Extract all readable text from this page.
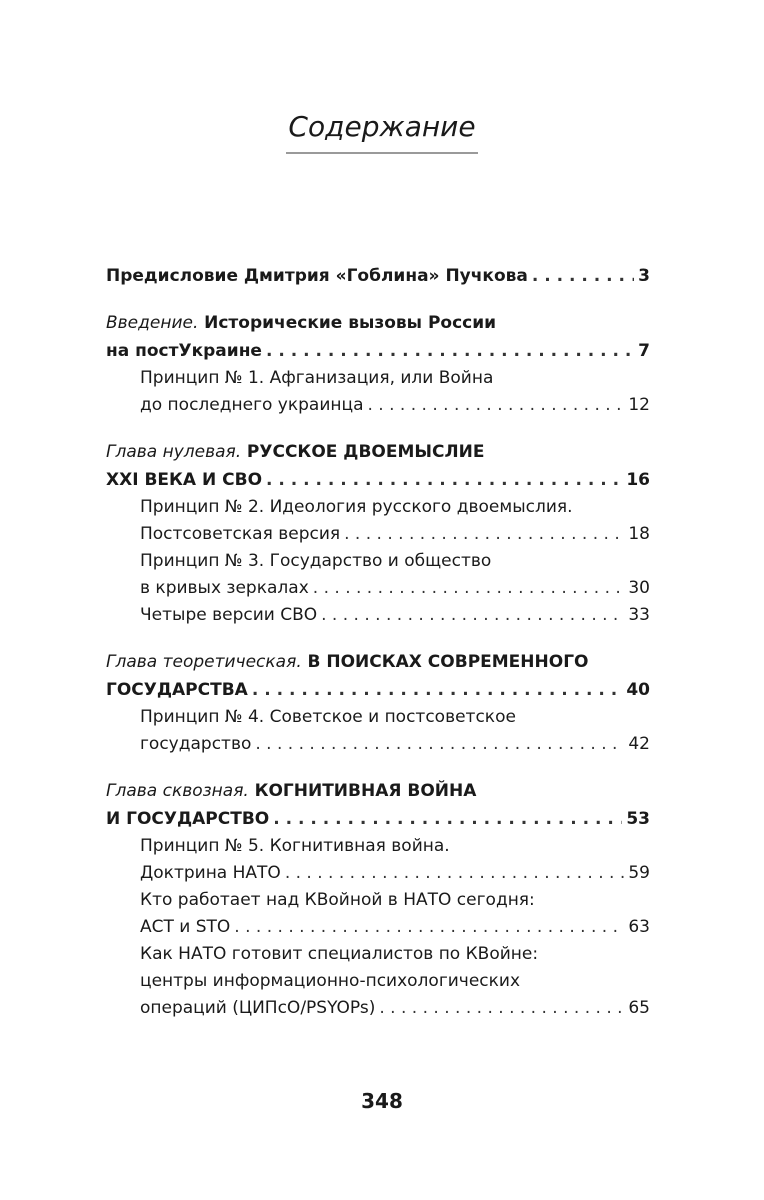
Содержание
Предисловие Дмитрия «Гоблина» Пучкова . . .	3
Введение. Исторические вызовы России
на постУкраине . . .	7
Принцип № 1. Афганизация, или Война
до последнего украинца . . .	12
Глава нулевая. РУССКОЕ ДВОЕМЫСЛИЕ
XXI ВЕКА И СВО . . .	16
Принцип № 2. Идеология русского двоемыслия.
Постсоветская версия . . .	18
Принцип № 3. Государство и общество
в кривых зеркалах . . .	30
Четыре версии СВО . . .	33
Глава теоретическая. В ПОИСКАХ СОВРЕМЕННОГО
ГОСУДАРСТВА . . .	40
Принцип № 4. Советское и постсоветское
государство . . .	42
Глава сквозная. КОГНИТИВНАЯ ВОЙНА
И ГОСУДАРСТВО . . .	53
Принцип № 5. Когнитивная война.
Доктрина НАТО . . .	59
Кто работает над КВойной в НАТО сегодня:
АСТ и STO . . .	63
Как НАТО готовит специалистов по КВойне:
центры информационно-психологических
операций (ЦИПсО/PSYOPs) . . .	65
348
